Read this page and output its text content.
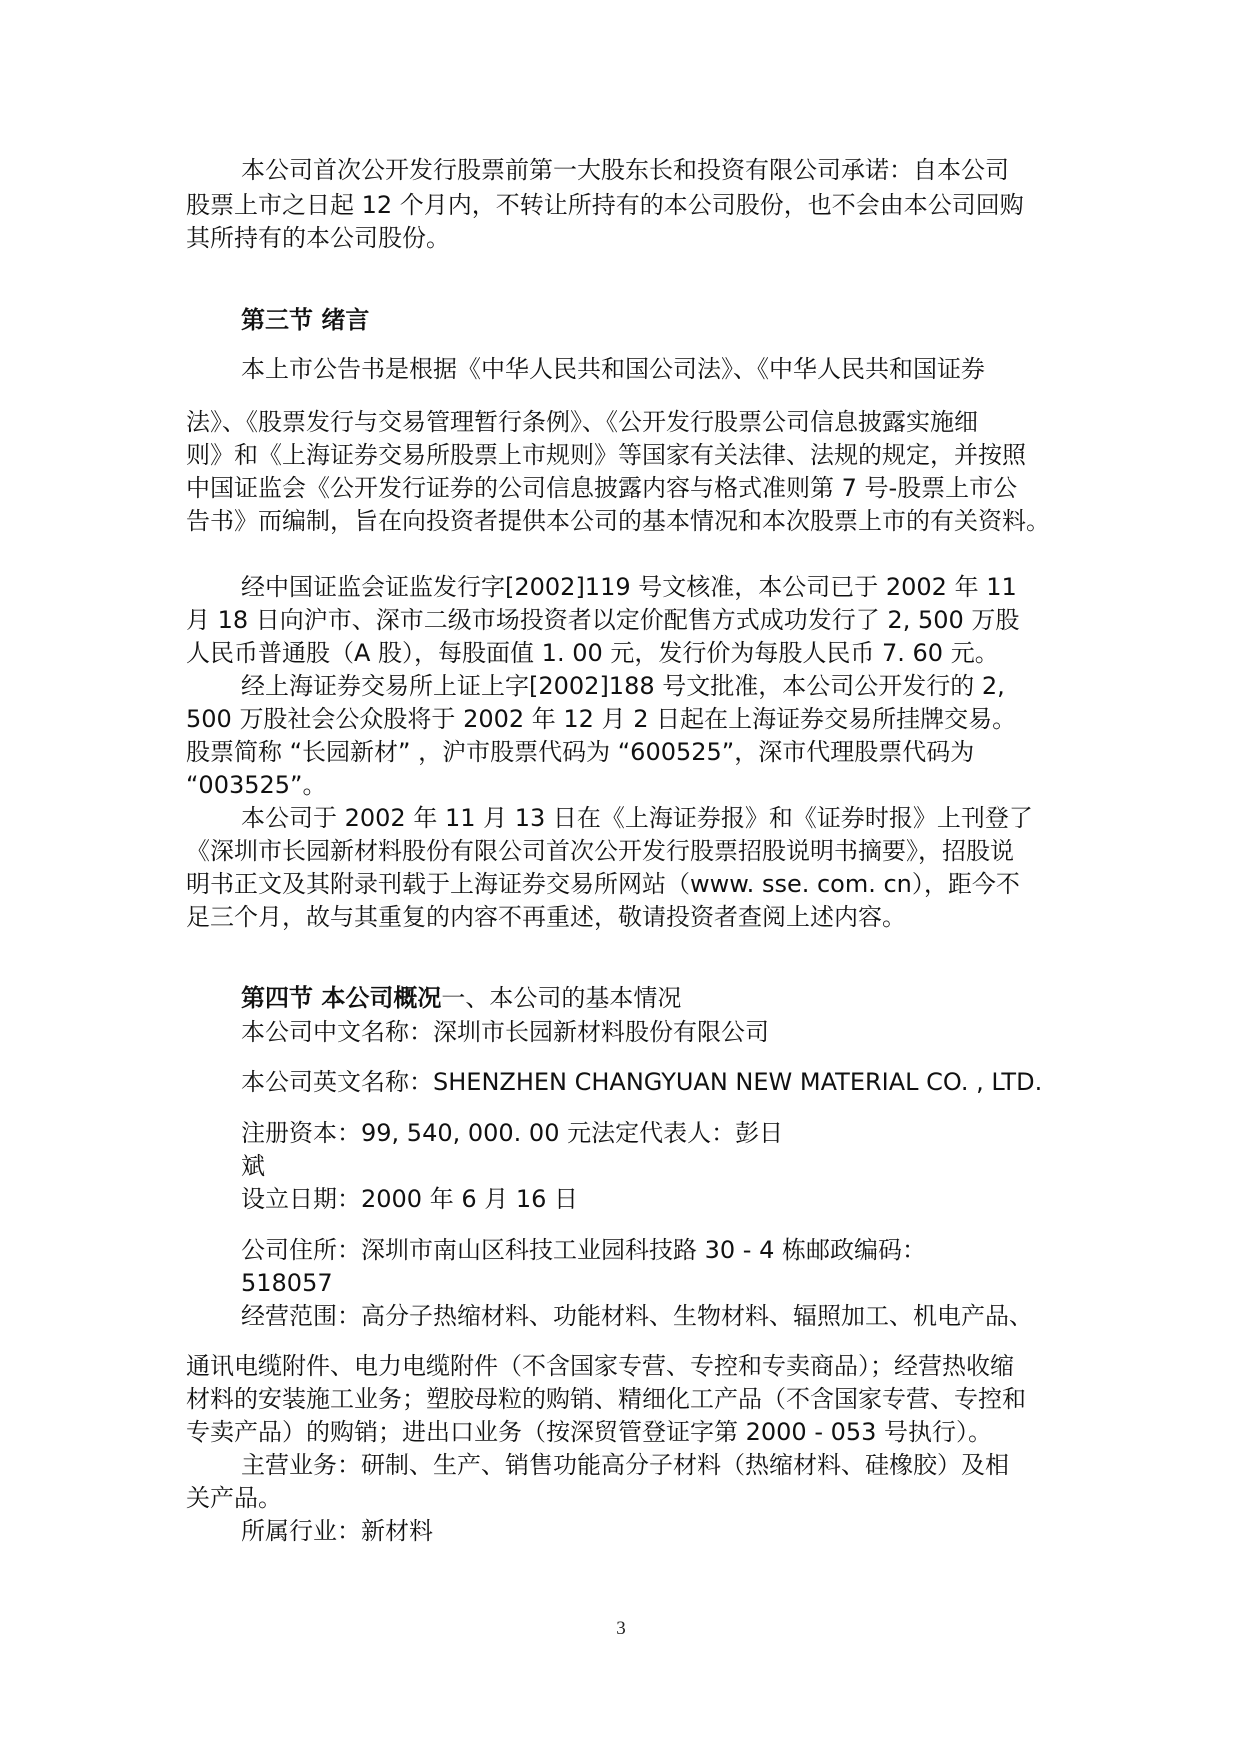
本公司首次公开发行股票前第一大股东长和投资有限公司承诺：自本公司
股票上市之日起 12 个月内，不转让所持有的本公司股份，也不会由本公司回购
其所持有的本公司股份。
第三节 绪言
本上市公告书是根据《中华人民共和国公司法》、《中华人民共和国证券
法》、《股票发行与交易管理暂行条例》、《公开发行股票公司信息披露实施细
则》和《上海证券交易所股票上市规则》等国家有关法律、法规的规定，并按照
中国证监会《公开发行证券的公司信息披露内容与格式准则第 7 号-股票上市公
告书》而编制，旨在向投资者提供本公司的基本情况和本次股票上市的有关资料。
经中国证监会证监发行字[2002]119 号文核准，本公司已于 2002 年 11
月 18 日向沪市、深市二级市场投资者以定价配售方式成功发行了 2, 500 万股
人民币普通股（A 股），每股面值 1. 00 元，发行价为每股人民币 7. 60 元。
经上海证券交易所上证上字[2002]188 号文批准，本公司公开发行的 2,
500 万股社会公众股将于 2002 年 12 月 2 日起在上海证券交易所挂牌交易。
股票简称 “长园新材” ，沪市股票代码为 “600525”，深市代理股票代码为
“003525”。
本公司于 2002 年 11 月 13 日在《上海证券报》和《证券时报》上刊登了
《深圳市长园新材料股份有限公司首次公开发行股票招股说明书摘要》，招股说
明书正文及其附录刊载于上海证券交易所网站（www. sse. com. cn），距今不
足三个月，故与其重复的内容不再重述，敬请投资者查阅上述内容。
第四节 本公司概况一、本公司的基本情况
本公司中文名称：深圳市长园新材料股份有限公司
本公司英文名称：SHENZHEN CHANGYUAN NEW MATERIAL CO. , LTD.
注册资本：99, 540, 000. 00 元法定代表人：彭日
斌
设立日期：2000 年 6 月 16 日
公司住所：深圳市南山区科技工业园科技路 30 - 4 栋邮政编码：
518057
经营范围：高分子热缩材料、功能材料、生物材料、辐照加工、机电产品、
通讯电缆附件、电力电缆附件（不含国家专营、专控和专卖商品）；经营热收缩
材料的安装施工业务；塑胶母粒的购销、精细化工产品（不含国家专营、专控和
专卖产品）的购销；进出口业务（按深贸管登证字第 2000 - 053 号执行）。
主营业务：研制、生产、销售功能高分子材料（热缩材料、硅橡胶）及相
关产品。
所属行业：新材料
3
